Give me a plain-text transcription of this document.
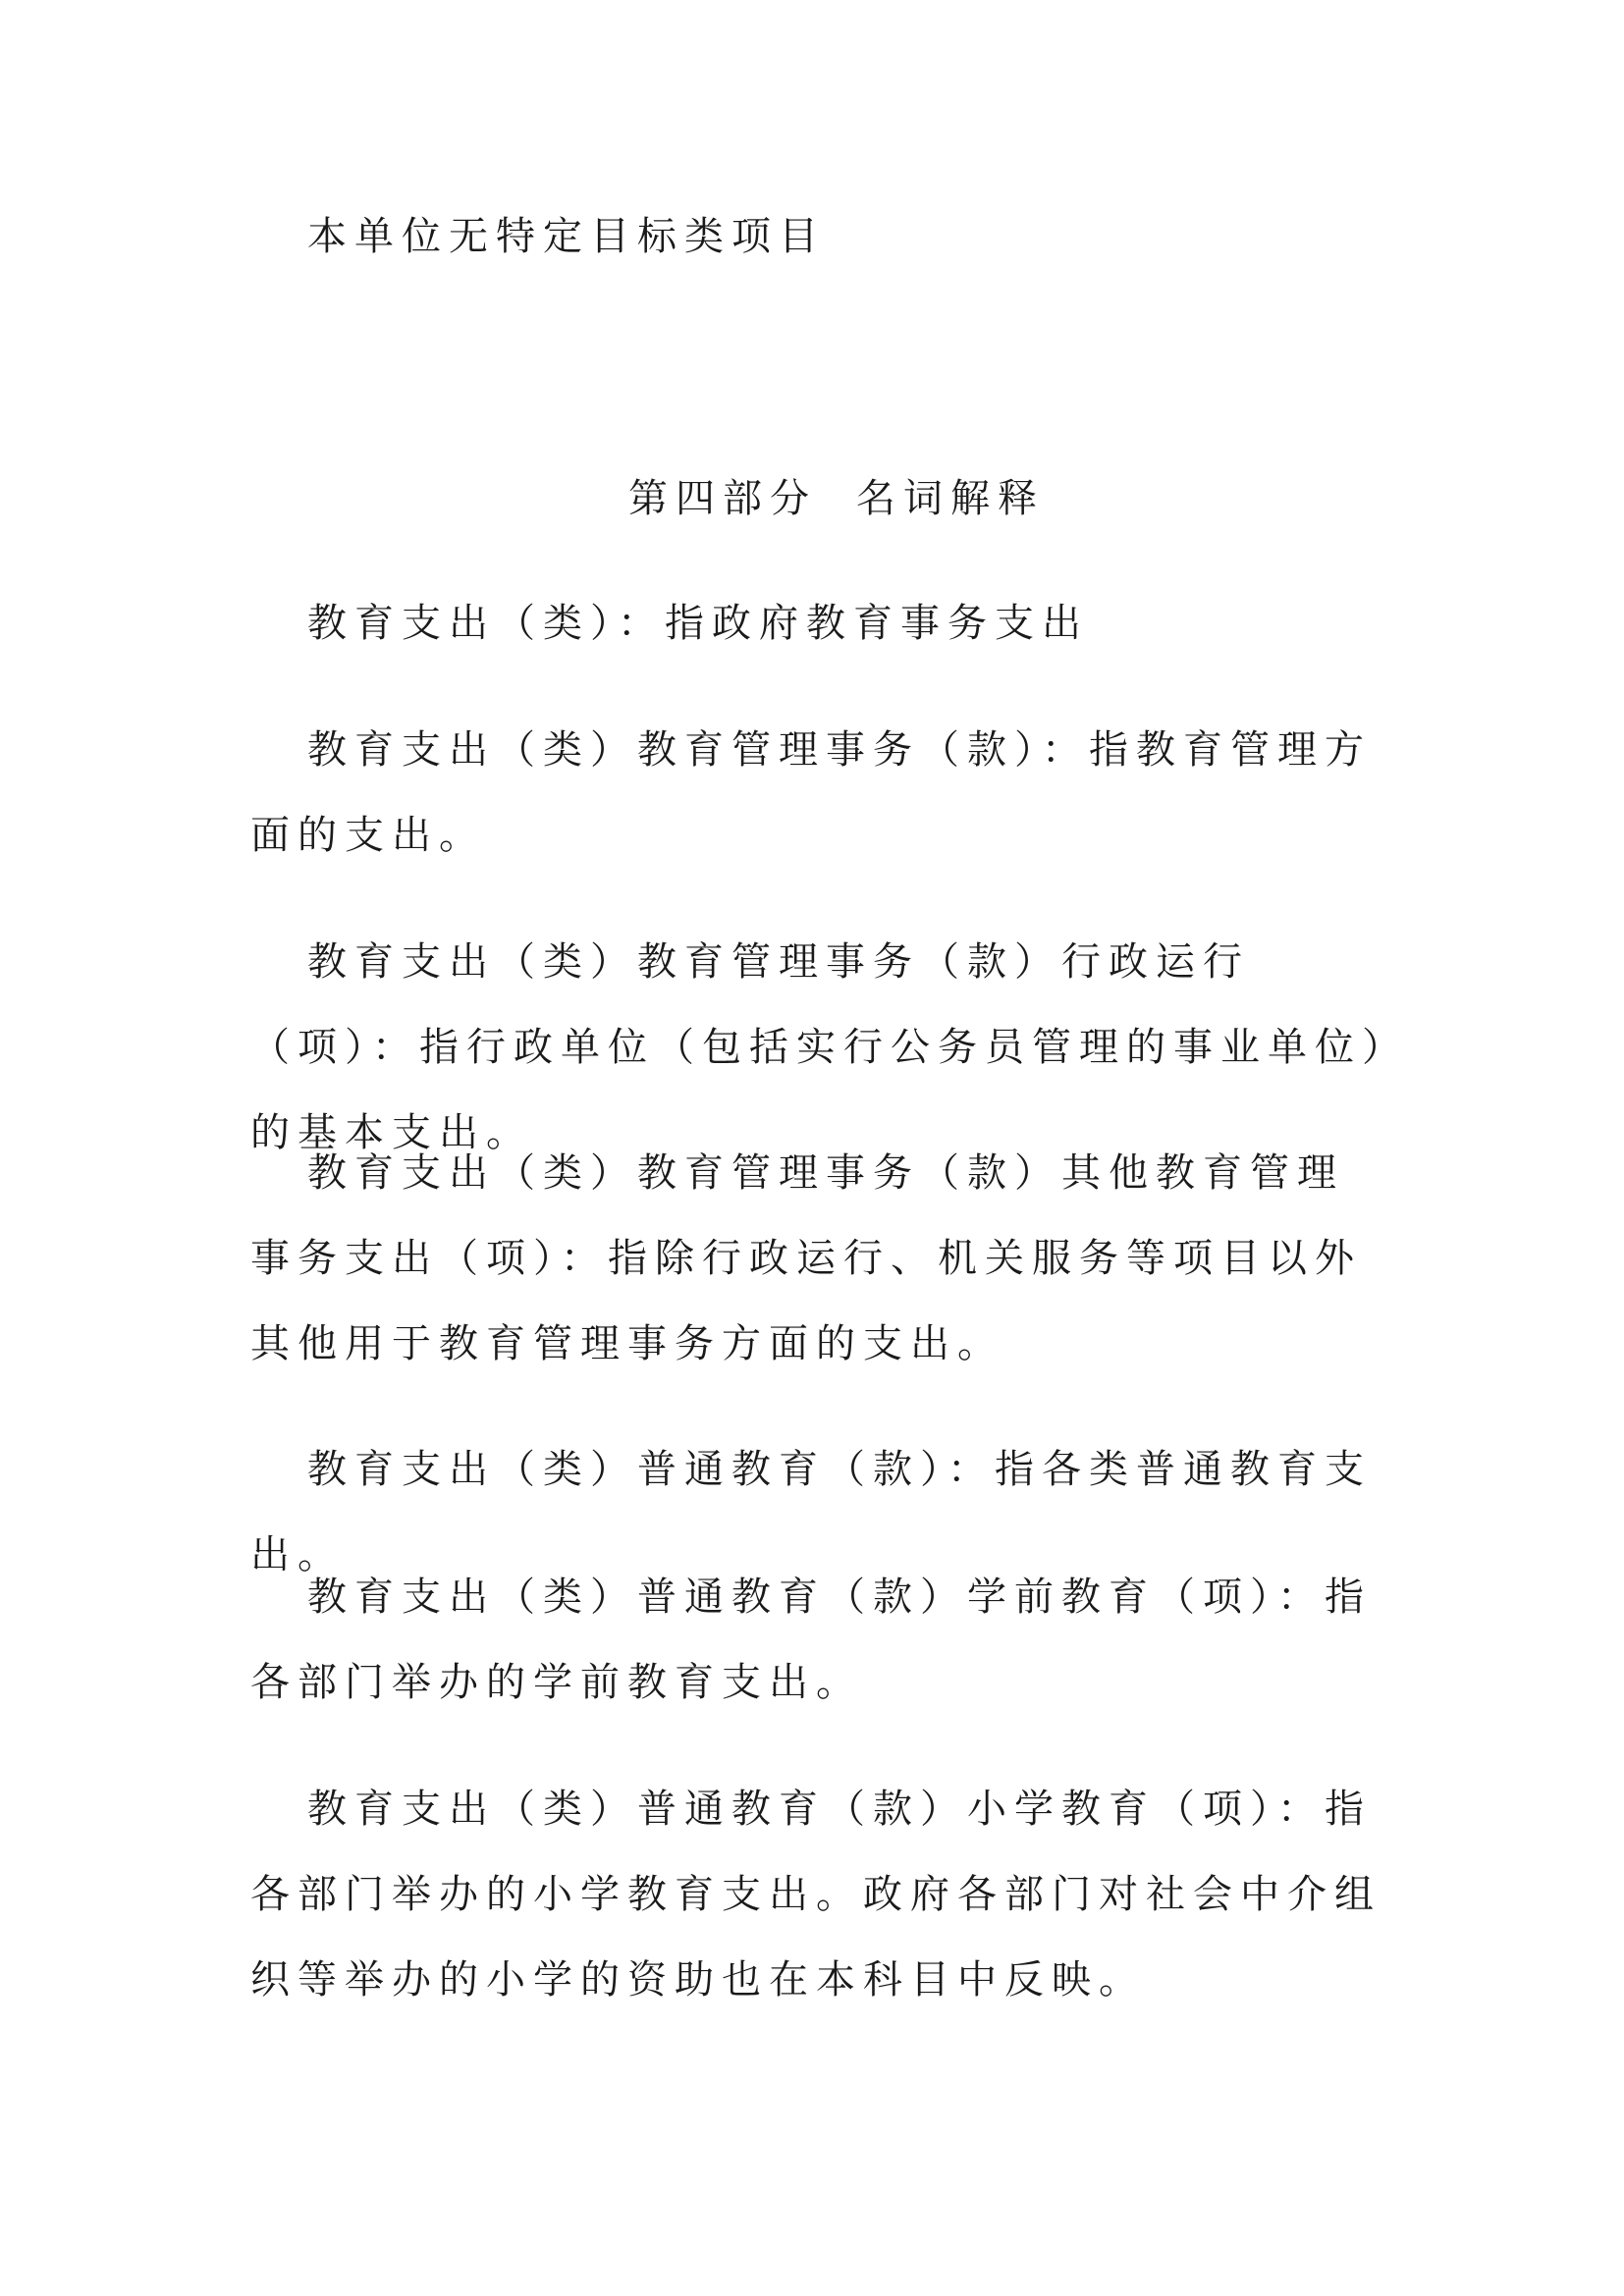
本单位无特定目标类项目

第四部分 名词解释

教育支出（类）：指政府教育事务支出

教育支出（类）教育管理事务（款）：指教育管理方面的支出。

教育支出（类）教育管理事务（款）行政运行（项）：指行政单位（包括实行公务员管理的事业单位）的基本支出。

教育支出（类）教育管理事务（款）其他教育管理事务支出（项）：指除行政运行、机关服务等项目以外其他用于教育管理事务方面的支出。

教育支出（类）普通教育（款）：指各类普通教育支出。

教育支出（类）普通教育（款）学前教育（项）：指各部门举办的学前教育支出。

教育支出（类）普通教育（款）小学教育（项）：指各部门举办的小学教育支出。政府各部门对社会中介组织等举办的小学的资助也在本科目中反映。
